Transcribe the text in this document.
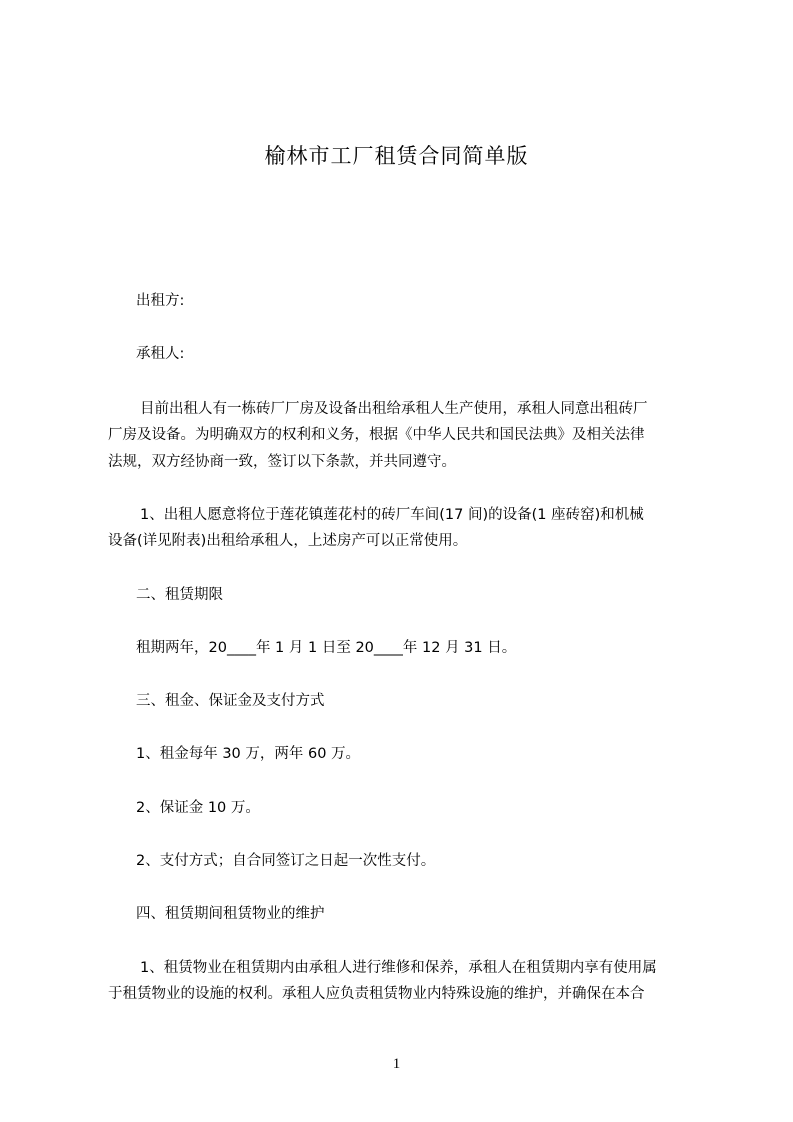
榆林市工厂租赁合同简单版
出租方:
承租人:
目前出租人有一栋砖厂厂房及设备出租给承租人生产使用，承租人同意出租砖厂
厂房及设备。为明确双方的权利和义务，根据《中华人民共和国民法典》及相关法律
法规，双方经协商一致，签订以下条款，并共同遵守。
1、出租人愿意将位于莲花镇莲花村的砖厂车间(17 间)的设备(1 座砖窑)和机械
设备(详见附表)出租给承租人，上述房产可以正常使用。
二、租赁期限
租期两年，20____年 1 月 1 日至 20____年 12 月 31 日。
三、租金、保证金及支付方式
1、租金每年 30 万，两年 60 万。
2、保证金 10 万。
2、支付方式；自合同签订之日起一次性支付。
四、租赁期间租赁物业的维护
1、租赁物业在租赁期内由承租人进行维修和保养，承租人在租赁期内享有使用属
于租赁物业的设施的权利。承租人应负责租赁物业内特殊设施的维护，并确保在本合
1
